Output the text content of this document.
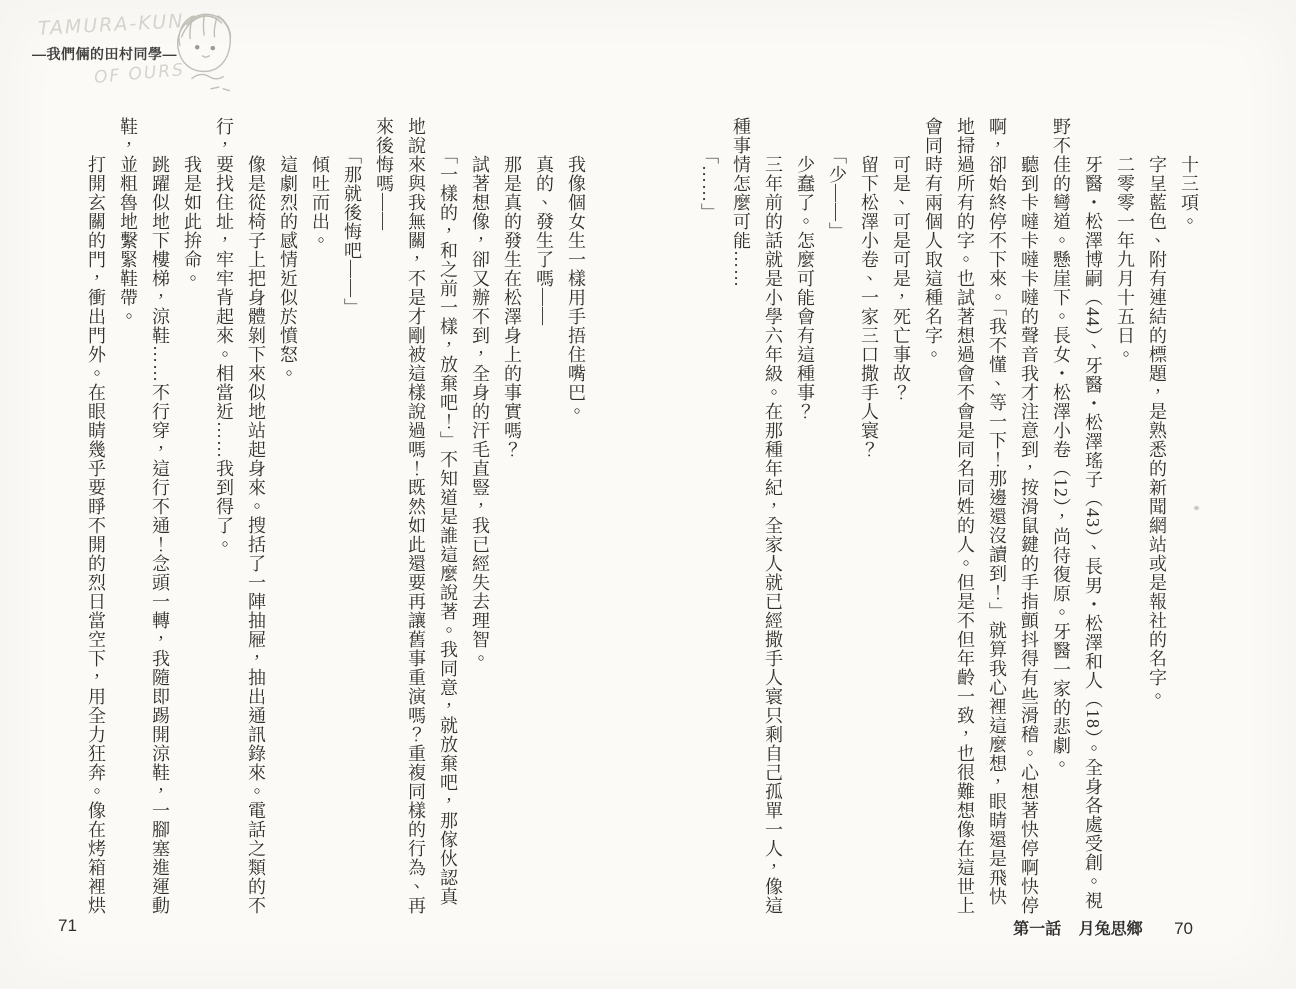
TAMURA-KUN
—我們倆的田村同學—
OF OURS
　　十三項。
　　字呈藍色、附有連結的標題，是熟悉的新聞網站或是報社的名字。
　　二零零一年九月十五日。
　　牙醫・松澤博嗣（44）、牙醫・松澤瑤子（43）、長男・松澤和人（18）。全身各處受創。視
野不佳的彎道。懸崖下。長女・松澤小卷（12），尚待復原。牙醫一家的悲劇。
　　聽到卡噠卡噠卡噠的聲音我才注意到，按滑鼠鍵的手指顫抖得有些滑稽。心想著快停啊快停
啊，卻始終停不下來。「我不懂、等一下！那邊還沒讀到！」就算我心裡這麼想，眼睛還是飛快
地掃過所有的字。也試著想過會不會是同名同姓的人。但是不但年齡一致，也很難想像在這世上
會同時有兩個人取這種名字。
　　可是、可是可是，死亡事故？
　　留下松澤小卷、一家三口撒手人寰？
　　「少——」
　　少蠢了。怎麼可能會有這種事？
　　三年前的話就是小學六年級。在那種年紀，全家人就已經撒手人寰只剩自己孤單一人，像這
種事情怎麼可能……
　　「……」
　　我像個女生一樣用手捂住嘴巴。
　　真的、發生了嗎——
　　那是真的發生在松澤身上的事實嗎？
　　試著想像，卻又辦不到，全身的汗毛直豎，我已經失去理智。
　　「一樣的，和之前一樣，放棄吧！」不知道是誰這麼說著。我同意，就放棄吧，那傢伙認真
地說來與我無關，不是才剛被這樣說過嗎！既然如此還要再讓舊事重演嗎？重複同樣的行為、再
來後悔嗎——
　　「那就後悔吧——」
　　傾吐而出。
　　這劇烈的感情近似於憤怒。
　　像是從椅子上把身體剝下來似地站起身來。搜括了一陣抽屜，抽出通訊錄來。電話之類的不
行，要找住址，牢牢背起來。相當近……我到得了。
　　我是如此拚命。
　　跳躍似地下樓梯，涼鞋……不行穿，這行不通！念頭一轉，我隨即踢開涼鞋，一腳塞進運動
鞋，並粗魯地繫緊鞋帶。
　　打開玄關的門，衝出門外。在眼睛幾乎要睜不開的烈日當空下，用全力狂奔。像在烤箱裡烘
第一話 月兔思鄉 70
71
